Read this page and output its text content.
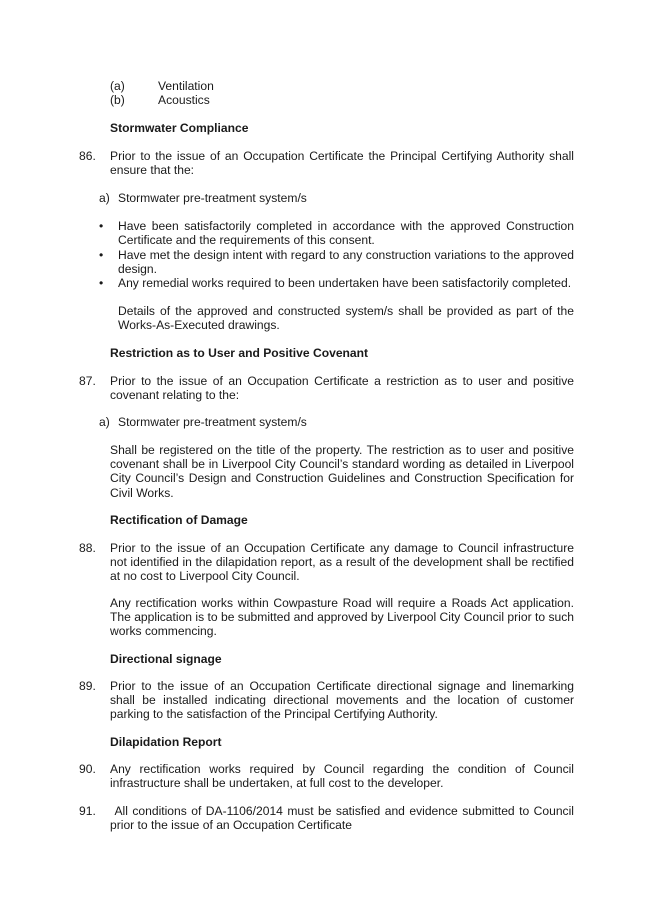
(a)	Ventilation
(b)	Acoustics
Stormwater Compliance
86. Prior to the issue of an Occupation Certificate the Principal Certifying Authority shall ensure that the:
a) Stormwater pre-treatment system/s
• Have been satisfactorily completed in accordance with the approved Construction Certificate and the requirements of this consent.
• Have met the design intent with regard to any construction variations to the approved design.
• Any remedial works required to been undertaken have been satisfactorily completed.
Details of the approved and constructed system/s shall be provided as part of the Works-As-Executed drawings.
Restriction as to User and Positive Covenant
87. Prior to the issue of an Occupation Certificate a restriction as to user and positive covenant relating to the:
a) Stormwater pre-treatment system/s
Shall be registered on the title of the property. The restriction as to user and positive covenant shall be in Liverpool City Council’s standard wording as detailed in Liverpool City Council’s Design and Construction Guidelines and Construction Specification for Civil Works.
Rectification of Damage
88. Prior to the issue of an Occupation Certificate any damage to Council infrastructure not identified in the dilapidation report, as a result of the development shall be rectified at no cost to Liverpool City Council.
Any rectification works within Cowpasture Road will require a Roads Act application. The application is to be submitted and approved by Liverpool City Council prior to such works commencing.
Directional signage
89. Prior to the issue of an Occupation Certificate directional signage and linemarking shall be installed indicating directional movements and the location of customer parking to the satisfaction of the Principal Certifying Authority.
Dilapidation Report
90. Any rectification works required by Council regarding the condition of Council infrastructure shall be undertaken, at full cost to the developer.
91. All conditions of DA-1106/2014 must be satisfied and evidence submitted to Council prior to the issue of an Occupation Certificate
